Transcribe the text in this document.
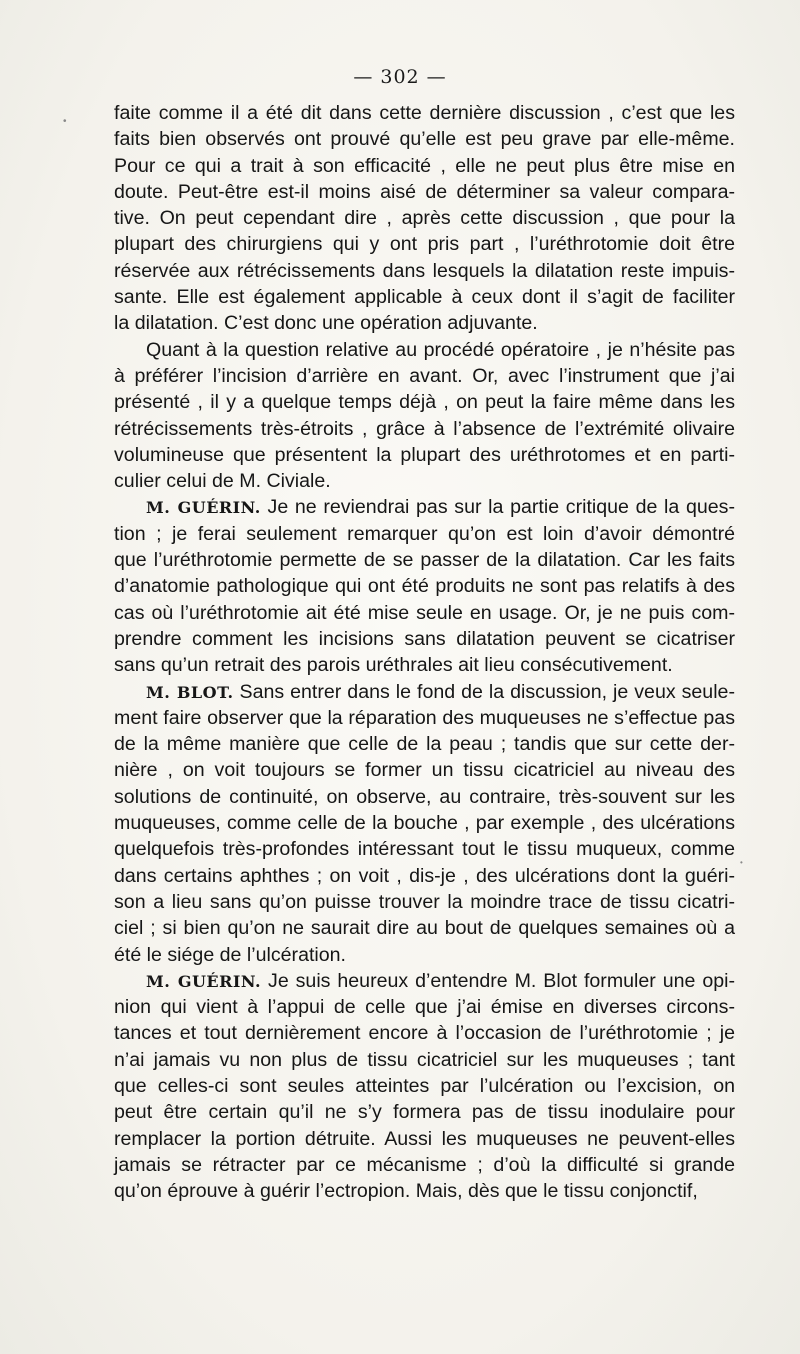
— 302 —
faite comme il a été dit dans cette dernière discussion , c’est que les
faits bien observés ont prouvé qu’elle est peu grave par elle-même.
Pour ce qui a trait à son efficacité , elle ne peut plus être mise en
doute. Peut-être est-il moins aisé de déterminer sa valeur compara-
tive. On peut cependant dire , après cette discussion , que pour la
plupart des chirurgiens qui y ont pris part , l’uréthrotomie doit être
réservée aux rétrécissements dans lesquels la dilatation reste impuis-
sante. Elle est également applicable à ceux dont il s’agit de faciliter
la dilatation. C’est donc une opération adjuvante.
Quant à la question relative au procédé opératoire , je n’hésite pas
à préférer l’incision d’arrière en avant. Or, avec l’instrument que j’ai
présenté , il y a quelque temps déjà , on peut la faire même dans les
rétrécissements très-étroits , grâce à l’absence de l’extrémité olivaire
volumineuse que présentent la plupart des uréthrotomes et en parti-
culier celui de M. Civiale.
M. GUÉRIN. Je ne reviendrai pas sur la partie critique de la ques-
tion ; je ferai seulement remarquer qu’on est loin d’avoir démontré
que l’uréthrotomie permette de se passer de la dilatation. Car les faits
d’anatomie pathologique qui ont été produits ne sont pas relatifs à des
cas où l’uréthrotomie ait été mise seule en usage. Or, je ne puis com-
prendre comment les incisions sans dilatation peuvent se cicatriser
sans qu’un retrait des parois uréthrales ait lieu consécutivement.
M. BLOT. Sans entrer dans le fond de la discussion, je veux seule-
ment faire observer que la réparation des muqueuses ne s’effectue pas
de la même manière que celle de la peau ; tandis que sur cette der-
nière , on voit toujours se former un tissu cicatriciel au niveau des
solutions de continuité, on observe, au contraire, très-souvent sur les
muqueuses, comme celle de la bouche , par exemple , des ulcérations
quelquefois très-profondes intéressant tout le tissu muqueux, comme
dans certains aphthes ; on voit , dis-je , des ulcérations dont la guéri-
son a lieu sans qu’on puisse trouver la moindre trace de tissu cicatri-
ciel ; si bien qu’on ne saurait dire au bout de quelques semaines où a
été le siége de l’ulcération.
M. GUÉRIN. Je suis heureux d’entendre M. Blot formuler une opi-
nion qui vient à l’appui de celle que j’ai émise en diverses circons-
tances et tout dernièrement encore à l’occasion de l’uréthrotomie ; je
n’ai jamais vu non plus de tissu cicatriciel sur les muqueuses ; tant
que celles-ci sont seules atteintes par l’ulcération ou l’excision, on
peut être certain qu’il ne s’y formera pas de tissu inodulaire pour
remplacer la portion détruite. Aussi les muqueuses ne peuvent-elles
jamais se rétracter par ce mécanisme ; d’où la difficulté si grande
qu’on éprouve à guérir l’ectropion. Mais, dès que le tissu conjonctif,
•
•
